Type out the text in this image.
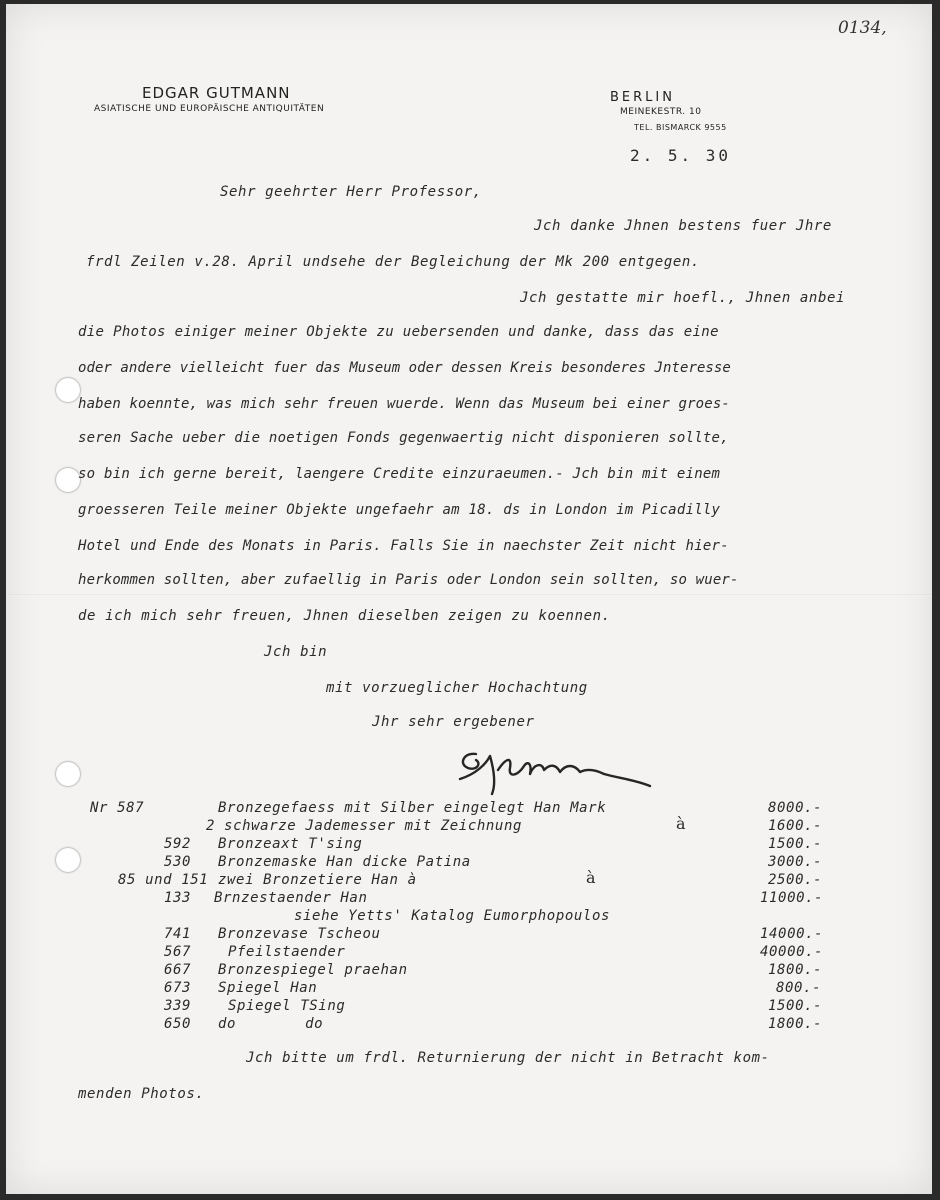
0134,
EDGAR GUTMANN
ASIATISCHE UND EUROPÄISCHE ANTIQUITÄTEN
BERLIN
MEINEKESTR. 10
TEL. BISMARCK 9555
2. 5. 30
Sehr geehrter Herr Professor,
Jch danke Jhnen bestens fuer Jhre
frdl Zeilen v.28. April undsehe der Begleichung der Mk 200 entgegen.
Jch gestatte mir hoefl., Jhnen anbei
die Photos einiger meiner Objekte zu uebersenden und danke, dass das eine
oder andere vielleicht fuer das Museum oder dessen Kreis besonderes Jnteresse
haben koennte, was mich sehr freuen wuerde. Wenn das Museum bei einer groes-
seren Sache ueber die noetigen Fonds gegenwaertig nicht disponieren sollte,
so bin ich gerne bereit, laengere Credite einzuraeumen.- Jch bin mit einem
groesseren Teile meiner Objekte ungefaehr am 18. ds in London im Picadilly
Hotel und Ende des Monats in Paris. Falls Sie in naechster Zeit nicht hier-
herkommen sollten, aber zufaellig in Paris oder London sein sollten, so wuer-
de ich mich sehr freuen, Jhnen dieselben zeigen zu koennen.
Jch bin
mit vorzueglicher Hochachtung
Jhr sehr ergebener
Nr 587	Bronzegefaess mit Silber eingelegt Han Mark	8000.-
2 schwarze Jademesser mit Zeichnung	à	1600.-
592 Bronzeaxt T'sing	1500.-
530 Bronzemaske Han dicke Patina	3000.-
85 und 151 zwei Bronzetiere Han à	à	2500.-
133 Brnzestaender Han	11000.-
siehe Yetts' Katalog Eumorphopoulos
741 Bronzevase Tscheou	14000.-
567	Pfeilstaender	40000.-
667 Bronzespiegel praehan	1800.-
673 Spiegel Han	800.-
339	Spiegel TSing	1500.-
650 do do	1800.-
Jch bitte um frdl. Returnierung der nicht in Betracht kom-
menden Photos.
